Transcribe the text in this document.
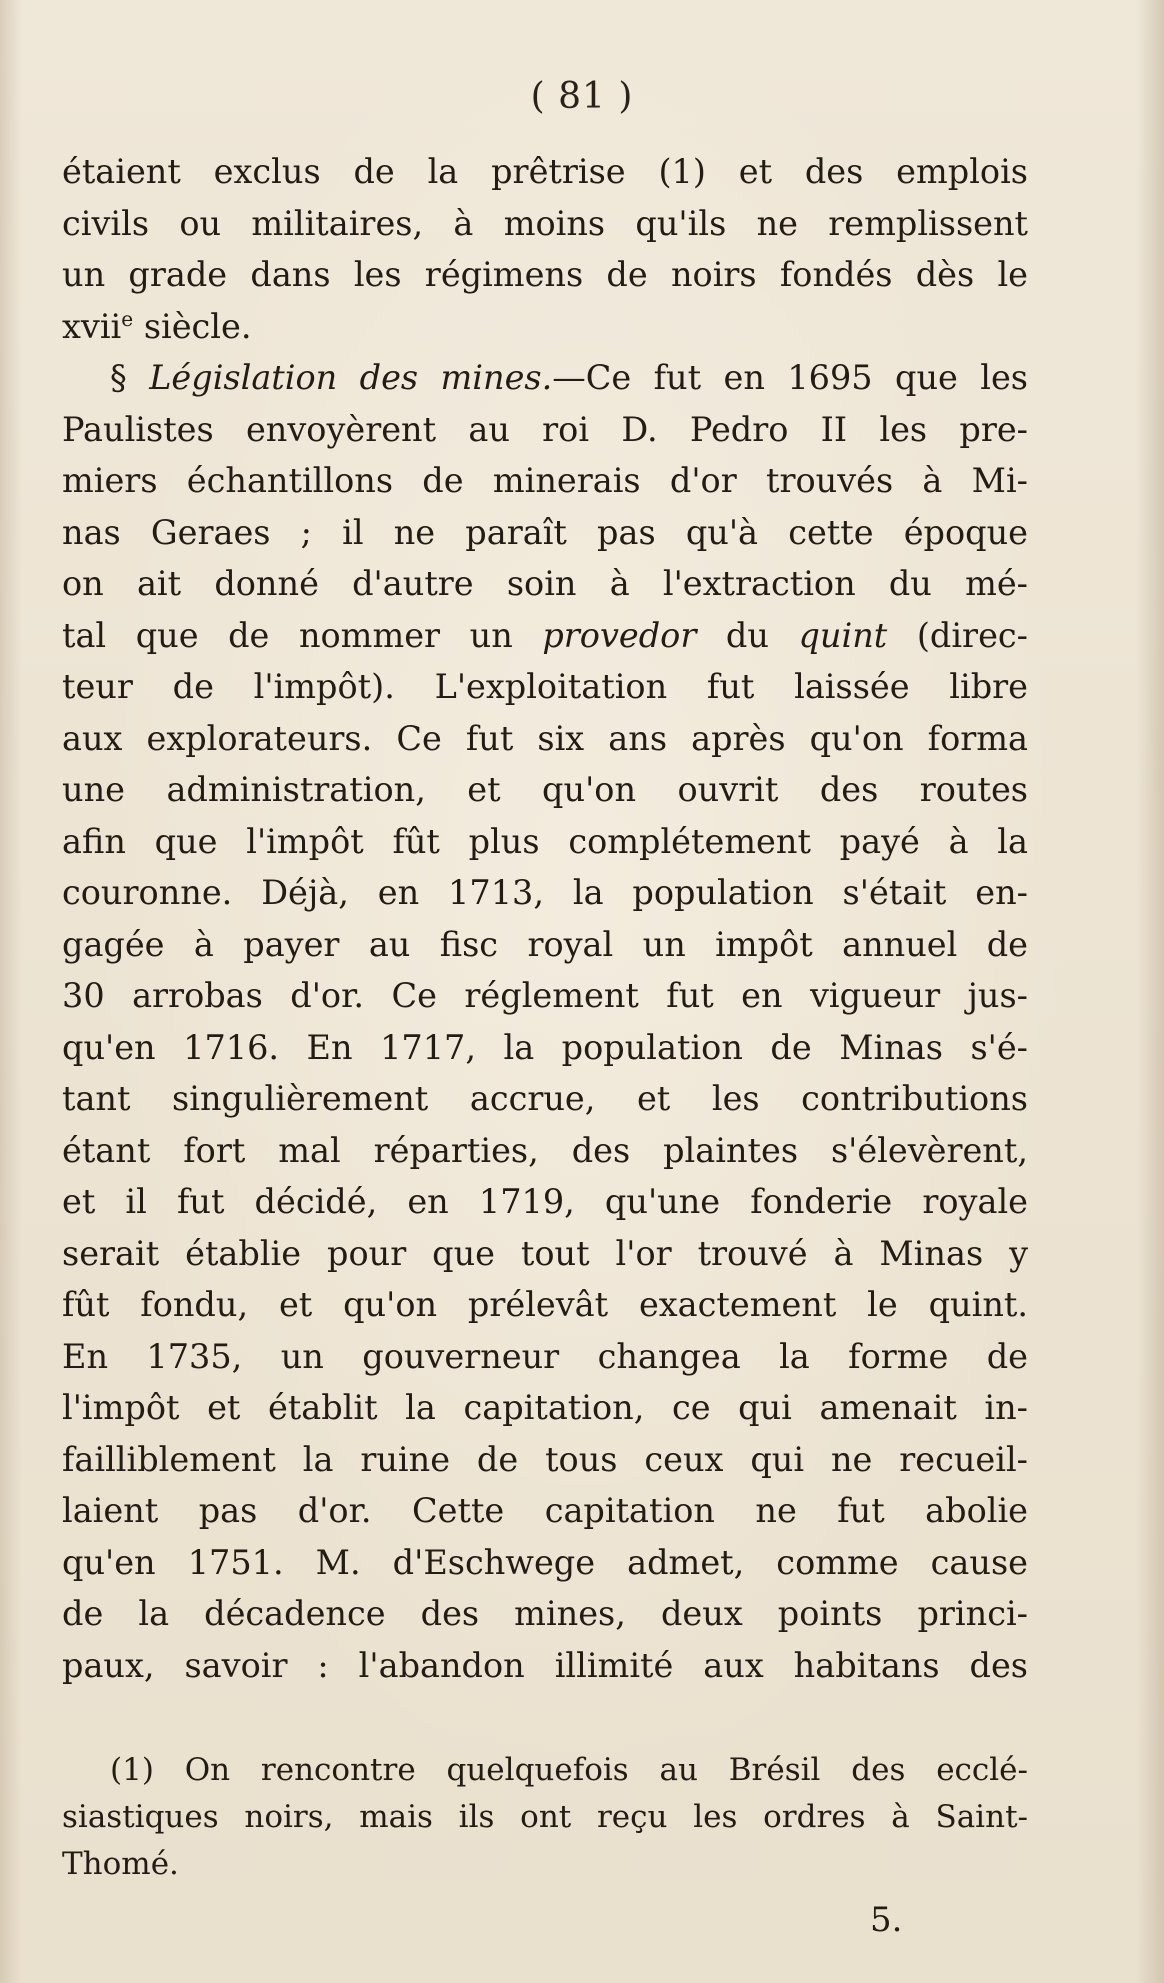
( 81 )
étaient exclus de la prêtrise (1) et des emplois
civils ou militaires, à moins qu'ils ne remplissent
un grade dans les régimens de noirs fondés dès le
xvii$^e$ siècle.
§ Législation des mines.—Ce fut en 1695 que les
Paulistes envoyèrent au roi D. Pedro II les pre-
miers échantillons de minerais d'or trouvés à Mi-
nas Geraes ; il ne paraît pas qu'à cette époque
on ait donné d'autre soin à l'extraction du mé-
tal que de nommer un provedor du quint (direc-
teur de l'impôt). L'exploitation fut laissée libre
aux explorateurs. Ce fut six ans après qu'on forma
une administration, et qu'on ouvrit des routes
afin que l'impôt fût plus complétement payé à la
couronne. Déjà, en 1713, la population s'était en-
gagée à payer au fisc royal un impôt annuel de
30 arrobas d'or. Ce réglement fut en vigueur jus-
qu'en 1716. En 1717, la population de Minas s'é-
tant singulièrement accrue, et les contributions
étant fort mal réparties, des plaintes s'élevèrent,
et il fut décidé, en 1719, qu'une fonderie royale
serait établie pour que tout l'or trouvé à Minas y
fût fondu, et qu'on prélevât exactement le quint.
En 1735, un gouverneur changea la forme de
l'impôt et établit la capitation, ce qui amenait in-
failliblement la ruine de tous ceux qui ne recueil-
laient pas d'or. Cette capitation ne fut abolie
qu'en 1751. M. d'Eschwege admet, comme cause
de la décadence des mines, deux points princi-
paux, savoir : l'abandon illimité aux habitans des
(1) On rencontre quelquefois au Brésil des ecclé-
siastiques noirs, mais ils ont reçu les ordres à Saint-
Thomé.
5.
